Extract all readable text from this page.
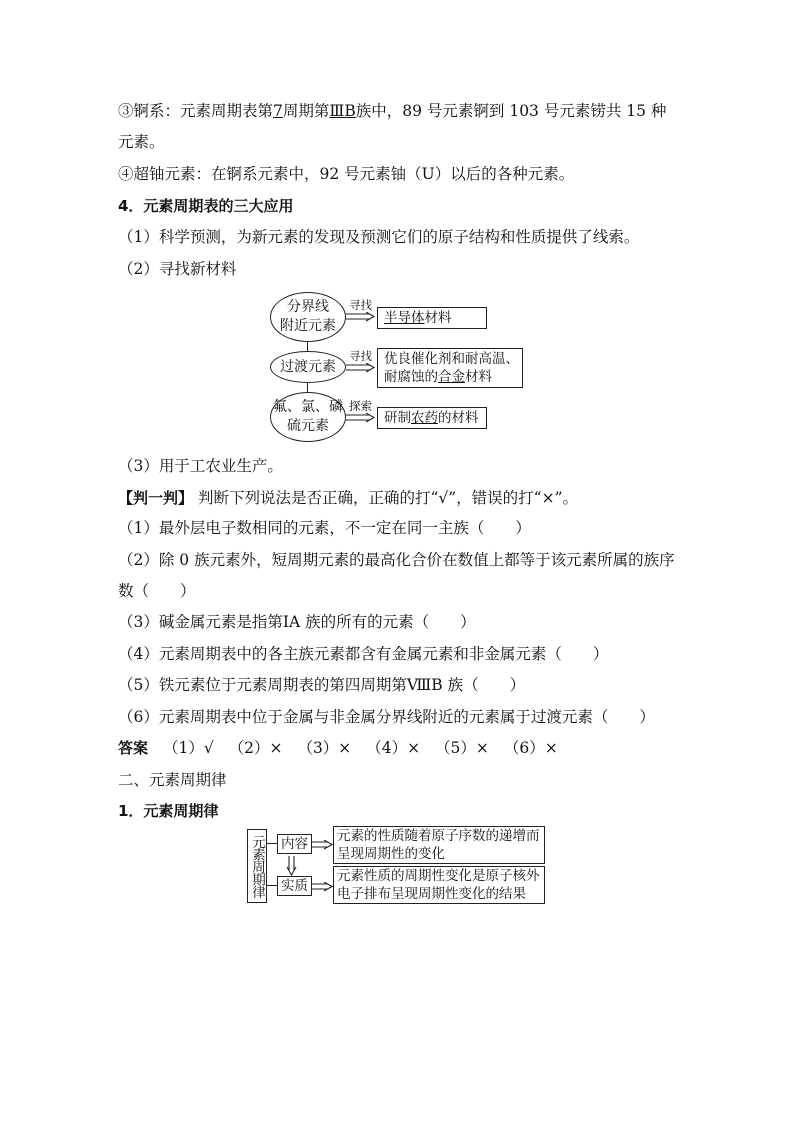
③锕系：元素周期表第7周期第ⅢB族中，89 号元素锕到 103 号元素铹共 15 种
元素。
④超铀元素：在锕系元素中，92 号元素铀（U）以后的各种元素。
4．元素周期表的三大应用
（1）科学预测，为新元素的发现及预测它们的原子结构和性质提供了线索。
（2）寻找新材料
分界线
附近元素
过渡元素
氟、氯、磷
硫元素
寻找
寻找
探索
半导体材料
优良催化剂和耐高温、
耐腐蚀的合金材料
研制农药的材料
（3）用于工农业生产。
【判一判】 判断下列说法是否正确，正确的打“√”，错误的打“×”。
（1）最外层电子数相同的元素，不一定在同一主族（　　）
（2）除 0 族元素外，短周期元素的最高化合价在数值上都等于该元素所属的族序
数（　　）
（3）碱金属元素是指第ⅠA 族的所有的元素（　　）
（4）元素周期表中的各主族元素都含有金属元素和非金属元素（　　）
（5）铁元素位于元素周期表的第四周期第ⅧB 族（　　）
（6）元素周期表中位于金属与非金属分界线附近的元素属于过渡元素（　　）
答案 （1）√ （2）× （3）× （4）× （5）× （6）×
二、元素周期律
1．元素周期律
元素周期律 内容
实质
元素的性质随着原子序数的递增而
呈现周期性的变化
元素性质的周期性变化是原子核外
电子排布呈现周期性变化的结果
